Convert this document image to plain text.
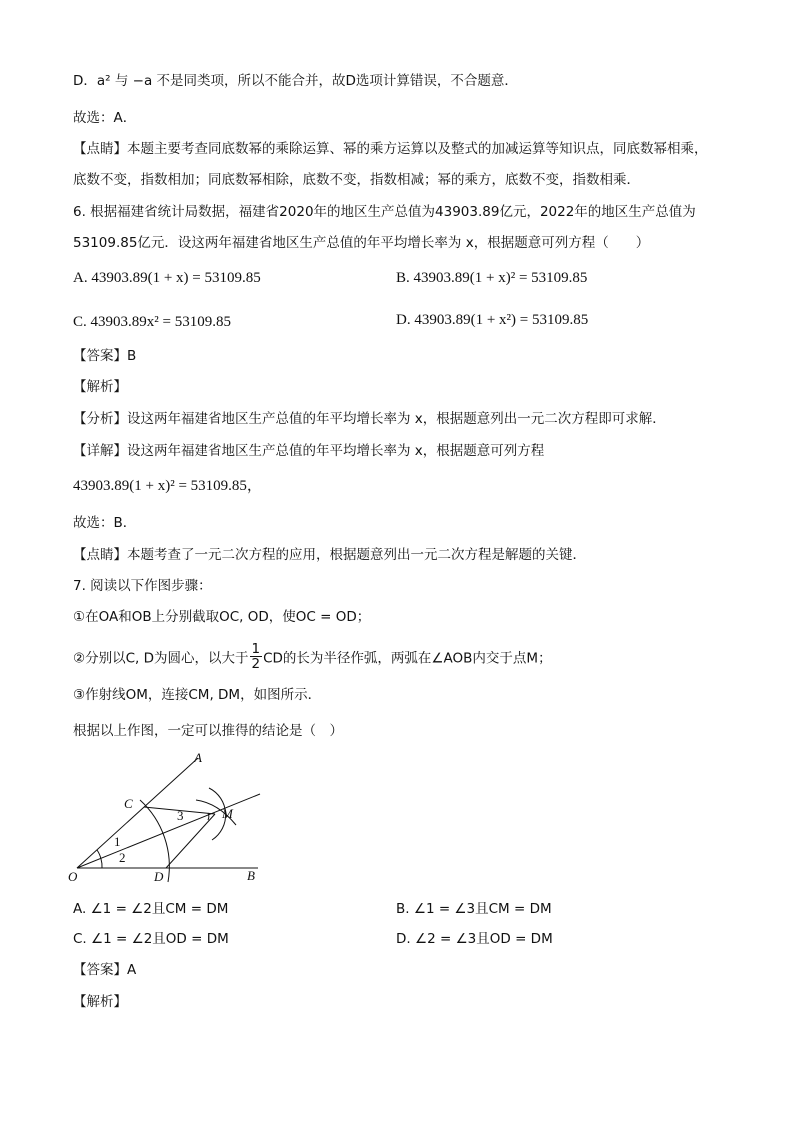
D．a² 与 −a 不是同类项，所以不能合并，故D选项计算错误，不合题意．
故选：A．
【点睛】本题主要考查同底数幂的乘除运算、幂的乘方运算以及整式的加减运算等知识点，同底数幂相乘，
底数不变，指数相加；同底数幂相除，底数不变，指数相减；幂的乘方，底数不变，指数相乘．
6. 根据福建省统计局数据，福建省2020年的地区生产总值为43903.89亿元，2022年的地区生产总值为
53109.85亿元．设这两年福建省地区生产总值的年平均增长率为 x，根据题意可列方程（　　）
A. 43903.89(1 + x) = 53109.85	B. 43903.89(1 + x)² = 53109.85
C. 43903.89x² = 53109.85	D. 43903.89(1 + x²) = 53109.85
【答案】B
【解析】
【分析】设这两年福建省地区生产总值的年平均增长率为 x，根据题意列出一元二次方程即可求解．
【详解】设这两年福建省地区生产总值的年平均增长率为 x，根据题意可列方程
43903.89(1 + x)² = 53109.85，
故选：B．
【点睛】本题考查了一元二次方程的应用，根据题意列出一元二次方程是解题的关键．
7. 阅读以下作图步骤：
①在OA和OB上分别截取OC, OD，使OC = OD；
②分别以C, D为圆心，以大于 $\frac{1}{2}$ CD的长为半径作弧，两弧在∠AOB内交于点M；
③作射线OM，连接CM, DM，如图所示．
根据以上作图，一定可以推得的结论是（　）
A
C
M
O	D	B
1
2
3
A. ∠1 = ∠2且CM = DM	B. ∠1 = ∠3且CM = DM
C. ∠1 = ∠2且OD = DM	D. ∠2 = ∠3且OD = DM
【答案】A
【解析】
